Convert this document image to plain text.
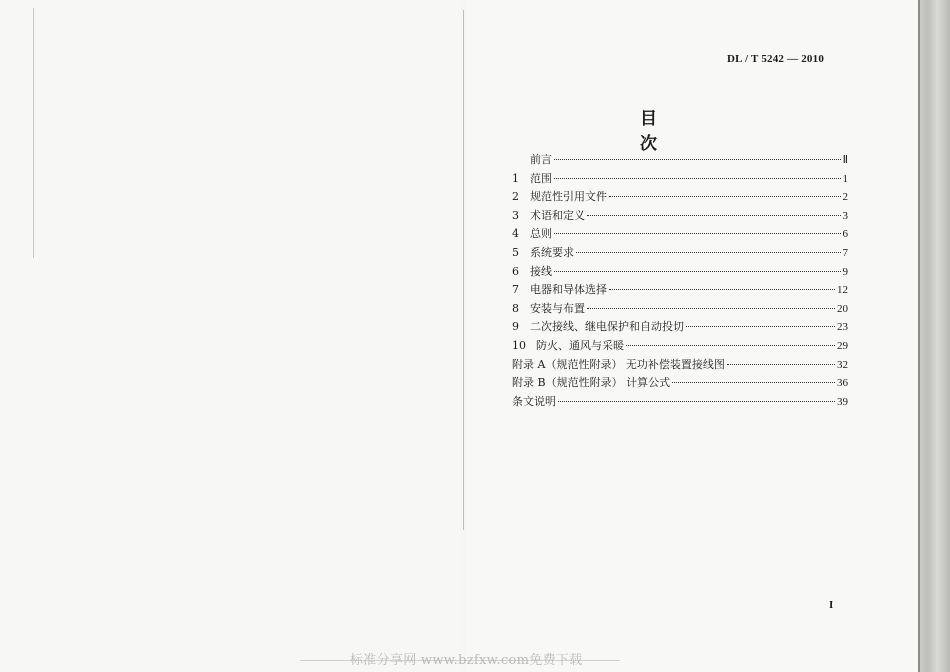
DL / T 5242 — 2010
目 次
前言	Ⅱ
1	范围	1
2	规范性引用文件	2
3	术语和定义	3
4	总则	6
5	系统要求	7
6	接线	9
7	电器和导体选择	12
8	安装与布置	20
9	二次接线、继电保护和自动投切	23
10 防火、通风与采暖	29
附录 A（规范性附录） 无功补偿装置接线图	32
附录 B（规范性附录） 计算公式	36
条文说明	39
I
标准分享网 www.bzfxw.com免费下载
